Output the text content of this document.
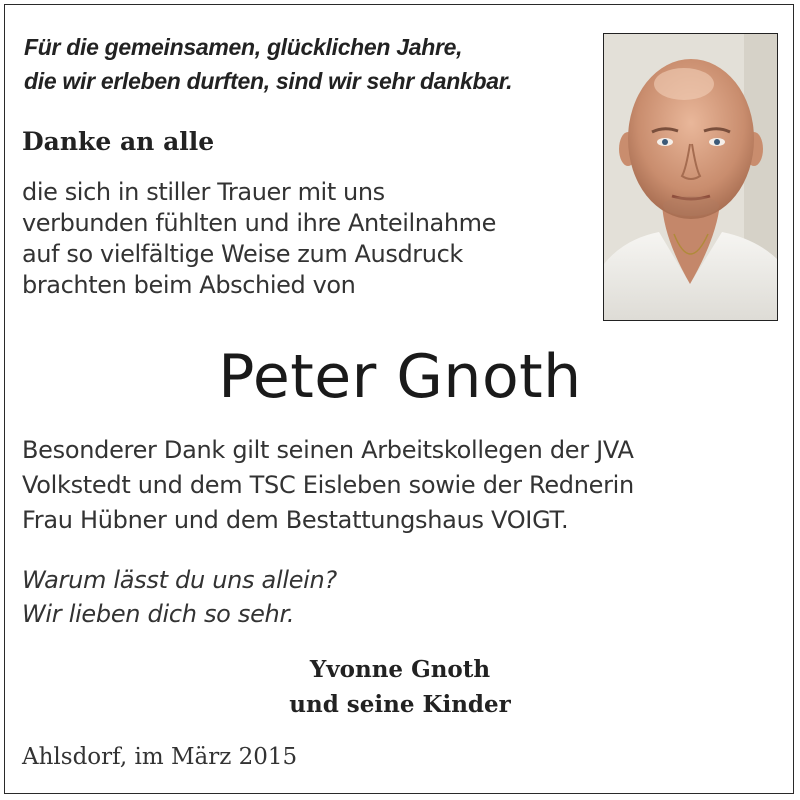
Für die gemeinsamen, glücklichen Jahre,
die wir erleben durften, sind wir sehr dankbar.
Danke an alle
die sich in stiller Trauer mit uns
verbunden fühlten und ihre Anteilnahme
auf so vielfältige Weise zum Ausdruck
brachten beim Abschied von
Peter Gnoth
Besonderer Dank gilt seinen Arbeitskollegen der JVA
Volkstedt und dem TSC Eisleben sowie der Rednerin
Frau Hübner und dem Bestattungshaus VOIGT.
Warum lässt du uns allein?
Wir lieben dich so sehr.
Yvonne Gnoth
und seine Kinder
Ahlsdorf, im März 2015
